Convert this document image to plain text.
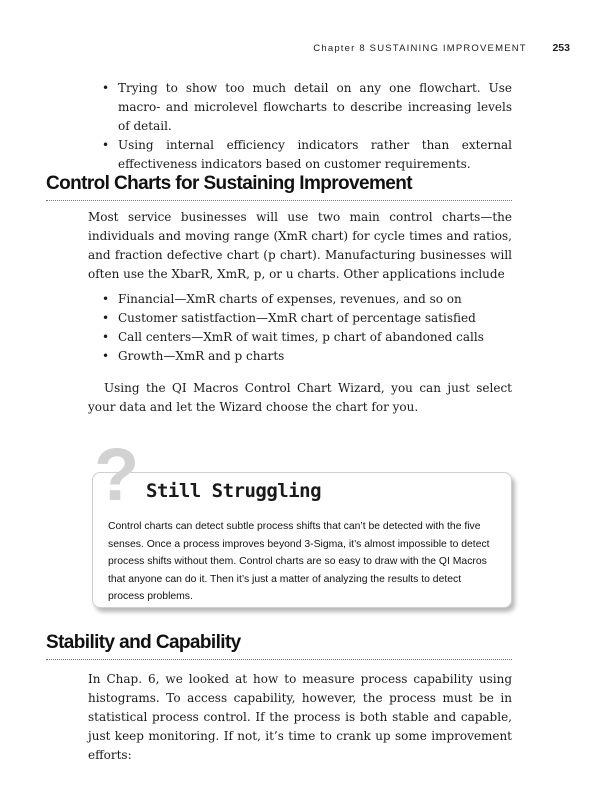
Chapter 8 SUSTAINING IMPROVEMENT 253
• Trying to show too much detail on any one flowchart. Use macro- and microlevel flowcharts to describe increasing levels of detail.
• Using internal efficiency indicators rather than external effectiveness indicators based on customer requirements.
Control Charts for Sustaining Improvement

Most service businesses will use two main control charts—the individuals and moving range (XmR chart) for cycle times and ratios, and fraction defective chart (p chart). Manufacturing businesses will often use the XbarR, XmR, p, or u charts. Other applications include

• Financial—XmR charts of expenses, revenues, and so on
• Customer satistfaction—XmR chart of percentage satisfied
• Call centers—XmR of wait times, p chart of abandoned calls
• Growth—XmR and p charts

Using the QI Macros Control Chart Wizard, you can just select your data and let the Wizard choose the chart for you.

? Still Struggling

Control charts can detect subtle process shifts that can’t be detected with the five senses. Once a process improves beyond 3-Sigma, it’s almost impossible to detect process shifts without them. Control charts are so easy to draw with the QI Macros that anyone can do it. Then it’s just a matter of analyzing the results to detect process problems.

Stability and Capability

In Chap. 6, we looked at how to measure process capability using histograms. To access capability, however, the process must be in statistical process control. If the process is both stable and capable, just keep monitoring. If not, it’s time to crank up some improvement efforts:
